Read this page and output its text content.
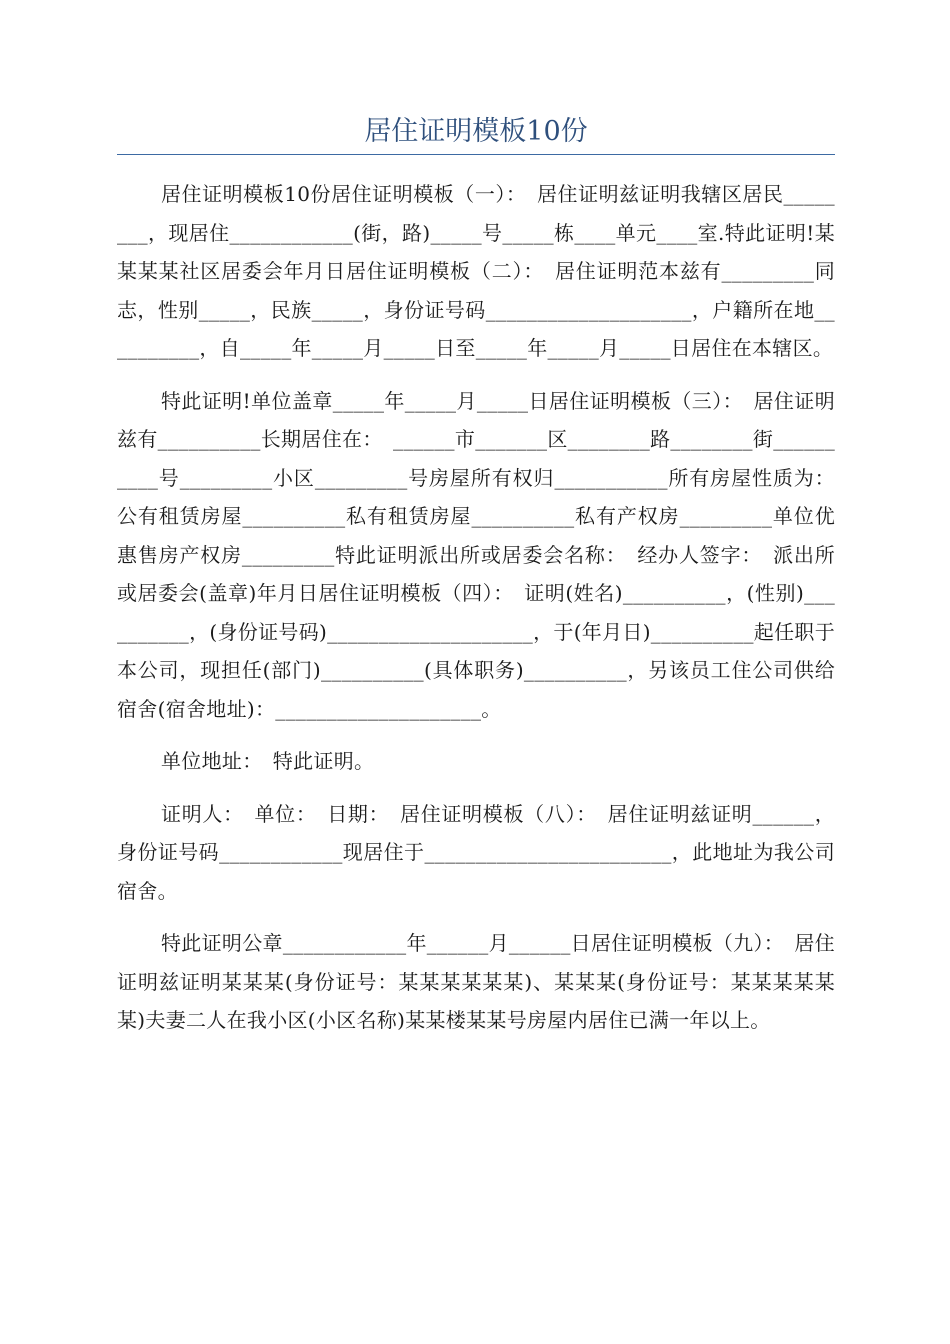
居住证明模板10份

居住证明模板10份居住证明模板（一）：　居住证明兹证明我辖区居民________，现居住____________(街，路)_____号_____栋____单元____室.特此证明!某某某某社区居委会年月日居住证明模板（二）：　居住证明范本兹有_________同志，性别_____，民族_____，身份证号码____________________，户籍所在地__________，自_____年_____月_____日至_____年_____月_____日居住在本辖区。

特此证明!单位盖章_____年_____月_____日居住证明模板（三）：　居住证明兹有__________长期居住在：　______市_______区________路________街__________号_________小区_________号房屋所有权归___________所有房屋性质为：公有租赁房屋__________私有租赁房屋__________私有产权房_________单位优惠售房产权房_________特此证明派出所或居委会名称：　经办人签字：　派出所或居委会(盖章)年月日居住证明模板（四）：　证明(姓名)__________，(性别)__________，(身份证号码)____________________，于(年月日)__________起任职于本公司，现担任(部门)__________(具体职务)__________，另该员工住公司供给宿舍(宿舍地址)：____________________。

单位地址：　特此证明。

证明人：　单位：　日期：　居住证明模板（八）：　居住证明兹证明______，身份证号码____________现居住于________________________，此地址为我公司宿舍。

特此证明公章____________年______月______日居住证明模板（九）：　居住证明兹证明某某某(身份证号：某某某某某某)、某某某(身份证号：某某某某某某)夫妻二人在我小区(小区名称)某某楼某某号房屋内居住已满一年以上。
